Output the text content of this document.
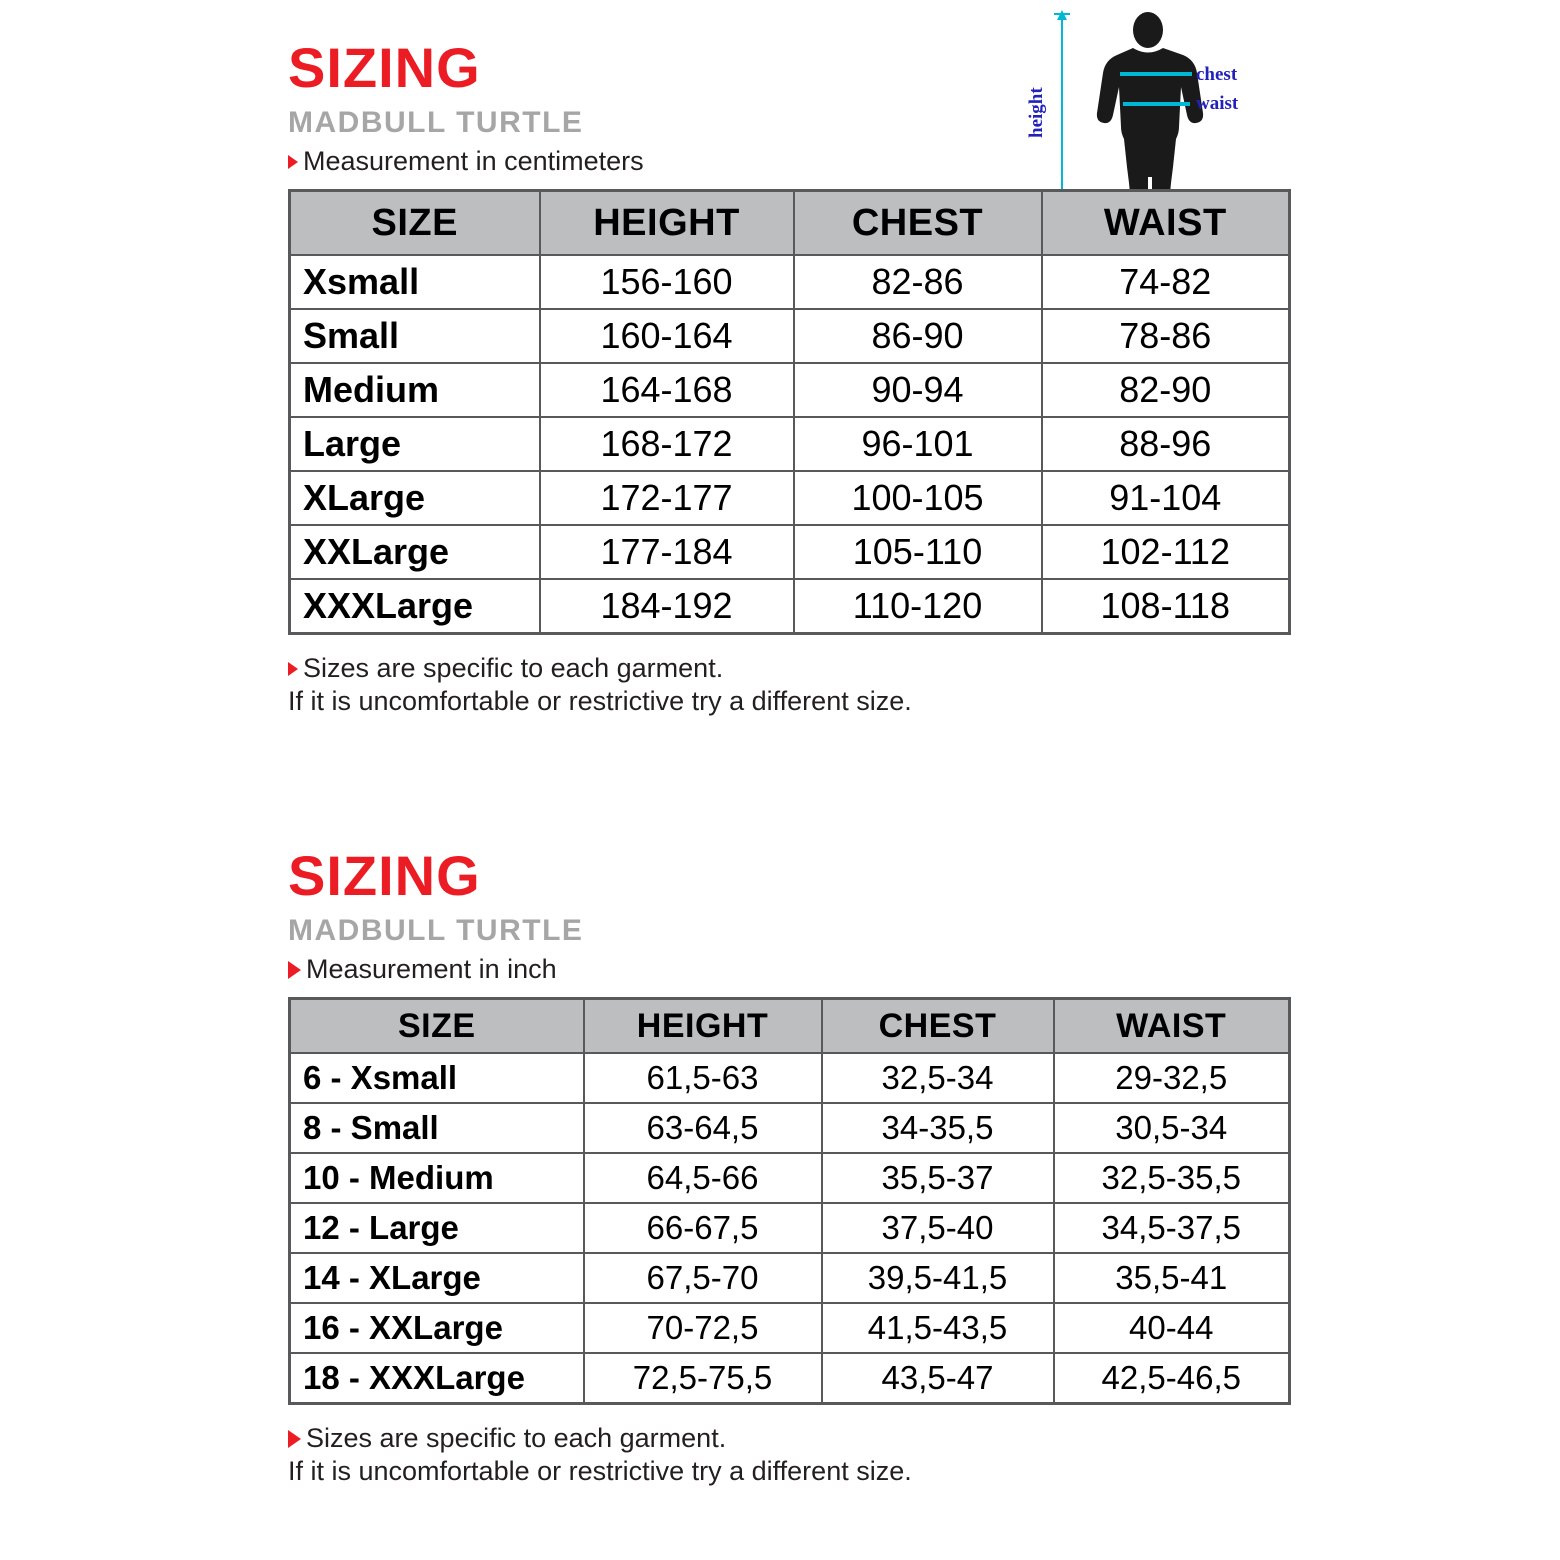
chest
waist
height
SIZING
MADBULL TURTLE
Measurement in centimeters
SIZE	HEIGHT	CHEST	WAIST
Xsmall	156-160	82-86	74-82
Small	160-164	86-90	78-86
Medium	164-168	90-94	82-90
Large	168-172	96-101	88-96
XLarge	172-177	100-105	91-104
XXLarge	177-184	105-110	102-112
XXXLarge	184-192	110-120	108-118
Sizes are specific to each garment.

If it is uncomfortable or restrictive try a different size.

SIZING
MADBULL TURTLE
Measurement in inch
SIZE	HEIGHT	CHEST	WAIST
6 - Xsmall	61,5-63	32,5-34	29-32,5
8 - Small	63-64,5	34-35,5	30,5-34
10 - Medium	64,5-66	35,5-37	32,5-35,5
12 - Large	66-67,5	37,5-40	34,5-37,5
14 - XLarge	67,5-70	39,5-41,5	35,5-41
16 - XXLarge	70-72,5	41,5-43,5	40-44
18 - XXXLarge	72,5-75,5	43,5-47	42,5-46,5
Sizes are specific to each garment.

If it is uncomfortable or restrictive try a different size.
